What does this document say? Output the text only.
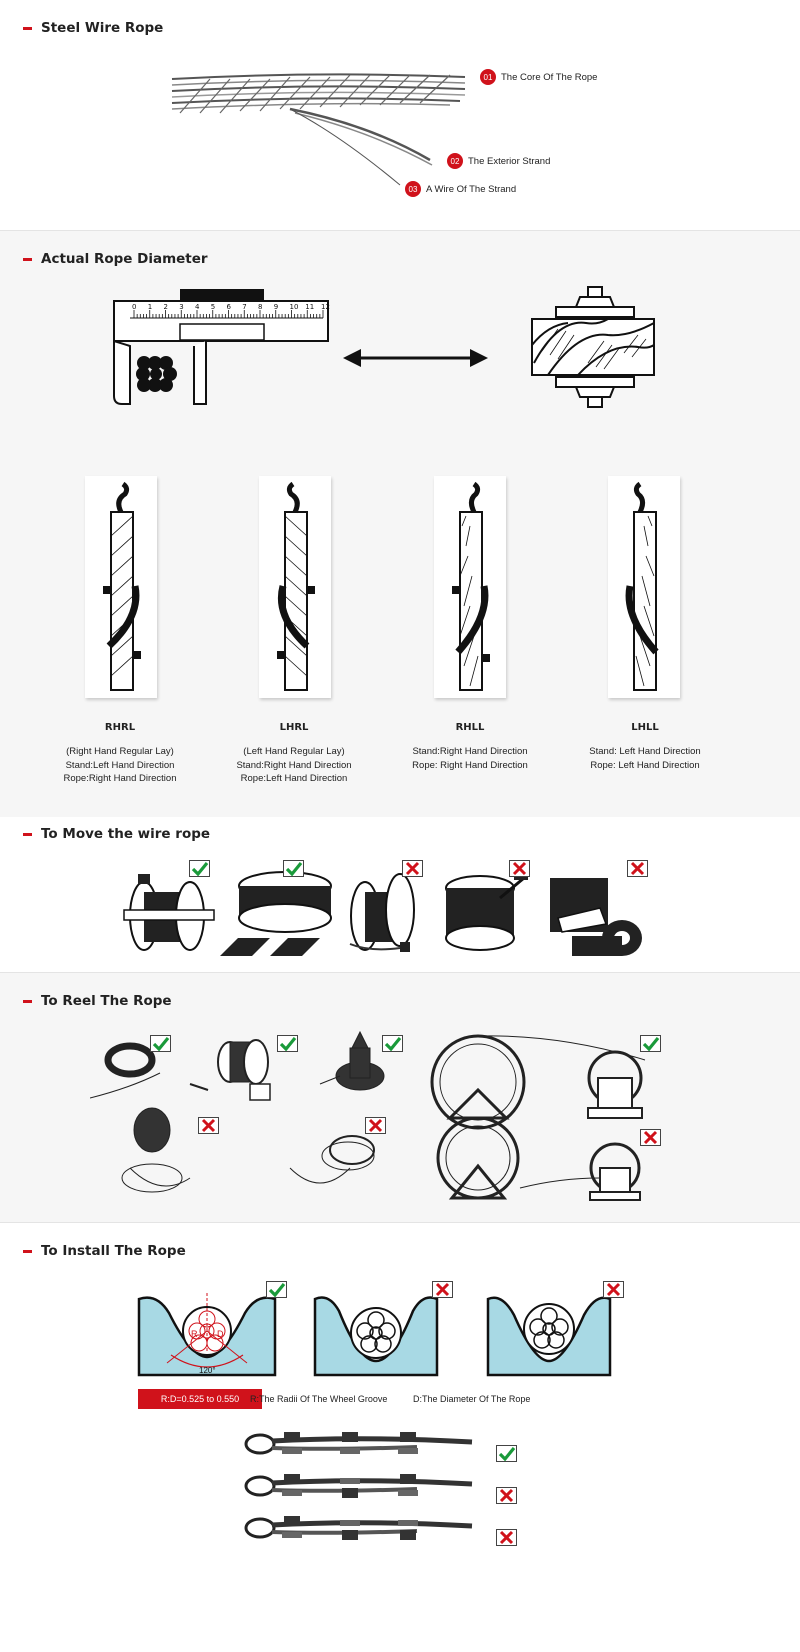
Steel Wire Rope
01 The Core Of The Rope
02 The Exterior Strand
03 A Wire Of The Strand
Actual Rope Diameter
0 1 2 3 4 5 6 7 8 9 10 11 12
RHRL
(Right Hand Regular Lay)
Stand:Left Hand Direction
Rope:Right Hand Direction
LHRL
(Left Hand Regular Lay)
Stand:Right Hand Direction
Rope:Left Hand Direction
RHLL
Stand:Right Hand Direction
Rope: Right Hand Direction
LHLL
Stand: Left Hand Direction
Rope: Left Hand Direction
To Move the wire rope
To Reel The Rope
To Install The Rope
R D
120°
R:D=0.525 to 0.550	R:The Radii Of The Wheel Groove	D:The Diameter Of The Rope
